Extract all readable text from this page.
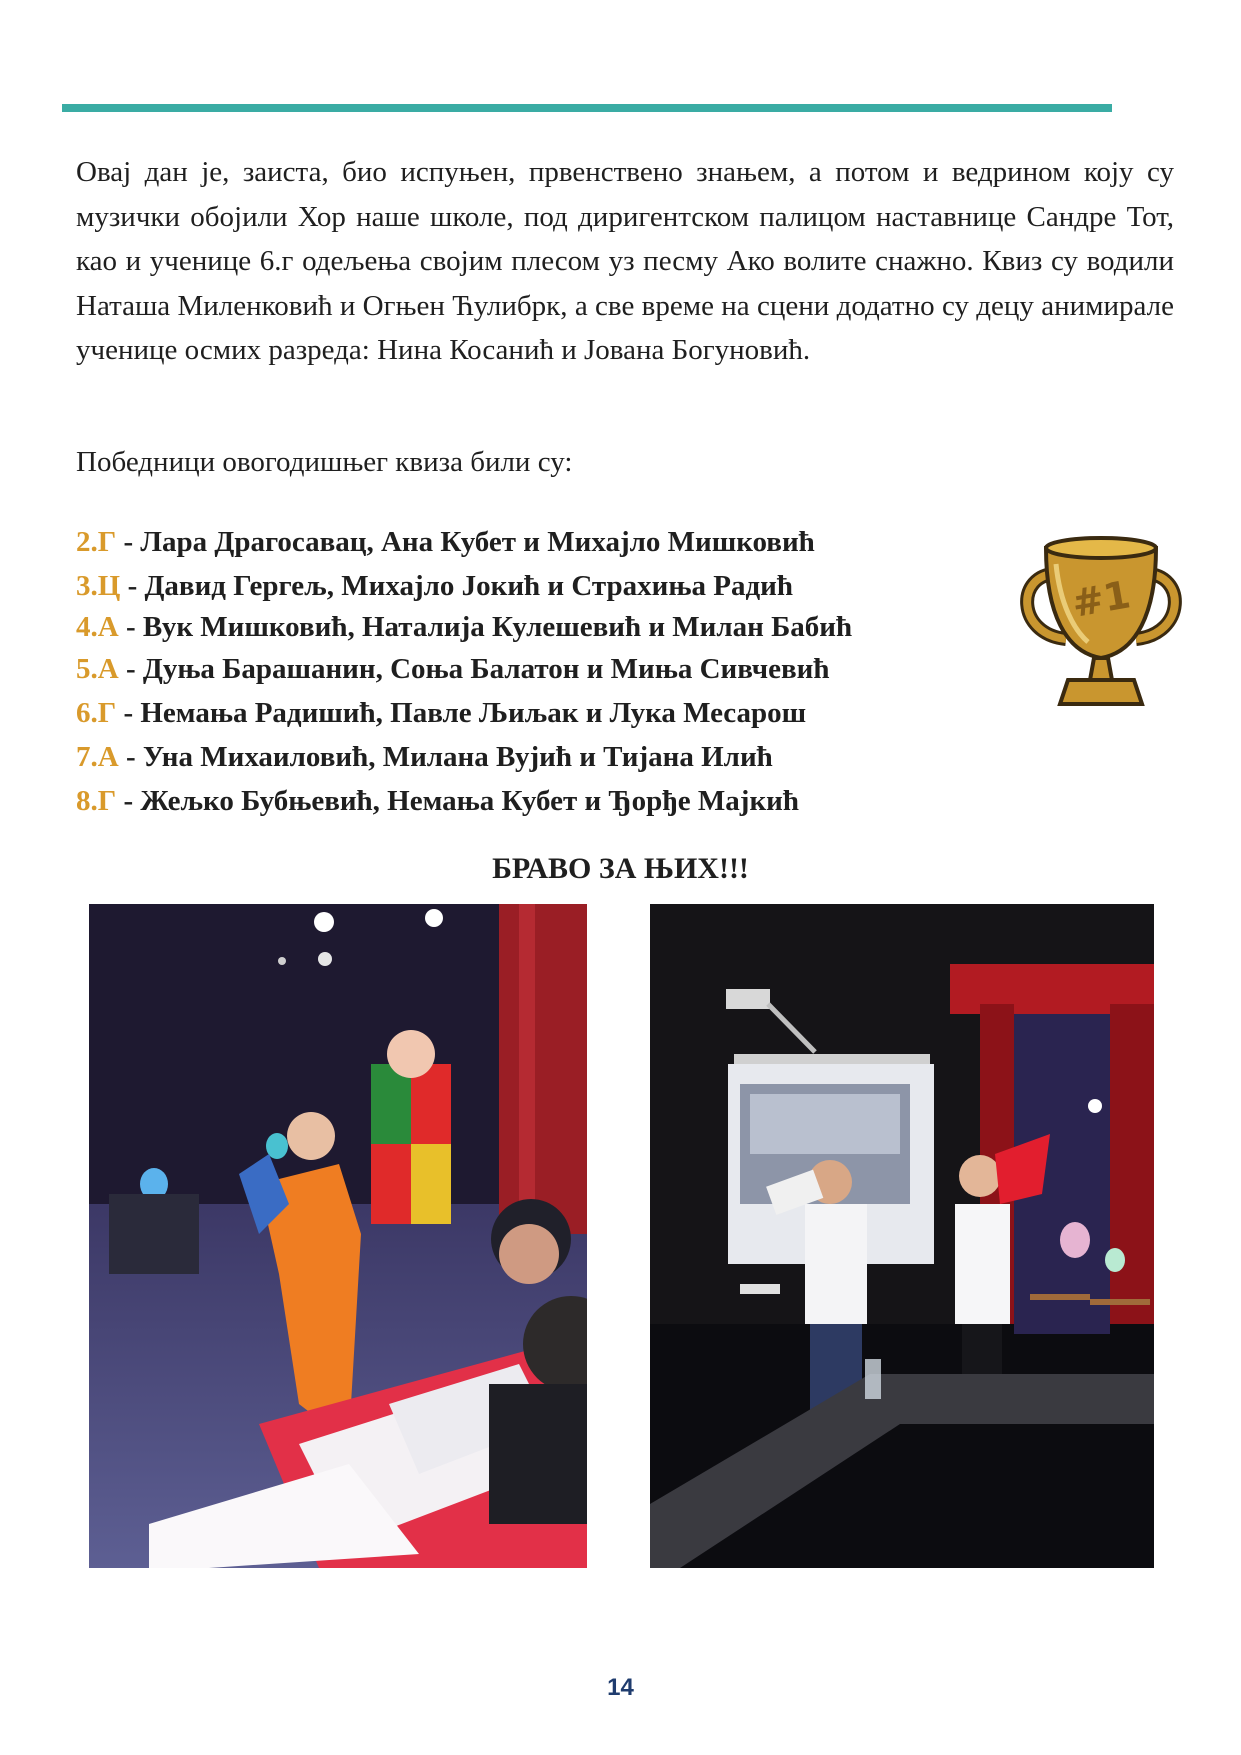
Овај дан је, заиста, био испуњен, првенствено знањем, а потом и ведрином коју су музички обојили Хор наше школе, под диригентском палицом наставнице Сандре Тот, као и ученице 6.г одељења својим плесом уз песму Ако волите снажно. Квиз су водили Наташа Миленковић и Огњен Ћулибрк, а све време на сцени додатно су децу анимирале ученице осмих разреда: Нина Косанић и Јована Богуновић.

Победници овогодишњег квиза били су:

2.Г - Лара Драгосавац, Ана Кубет и Михајло Мишковић
3.Ц - Давид Гергељ, Михајло Јокић и Страхиња Радић
4.А - Вук Мишковић, Наталија Кулешевић и Милан Бабић
5.А - Дуња Барашанин, Соња Балатон и Миња Сивчевић
6.Г - Немања Радишић, Павле Љиљак и Лука Месарош
7.А - Уна Михаиловић, Милана Вујић и Тијана Илић
8.Г - Жељко Бубњевић, Немања Кубет и Ђорђе Мајкић
#1

БРАВО ЗА ЊИХ!!!

14
